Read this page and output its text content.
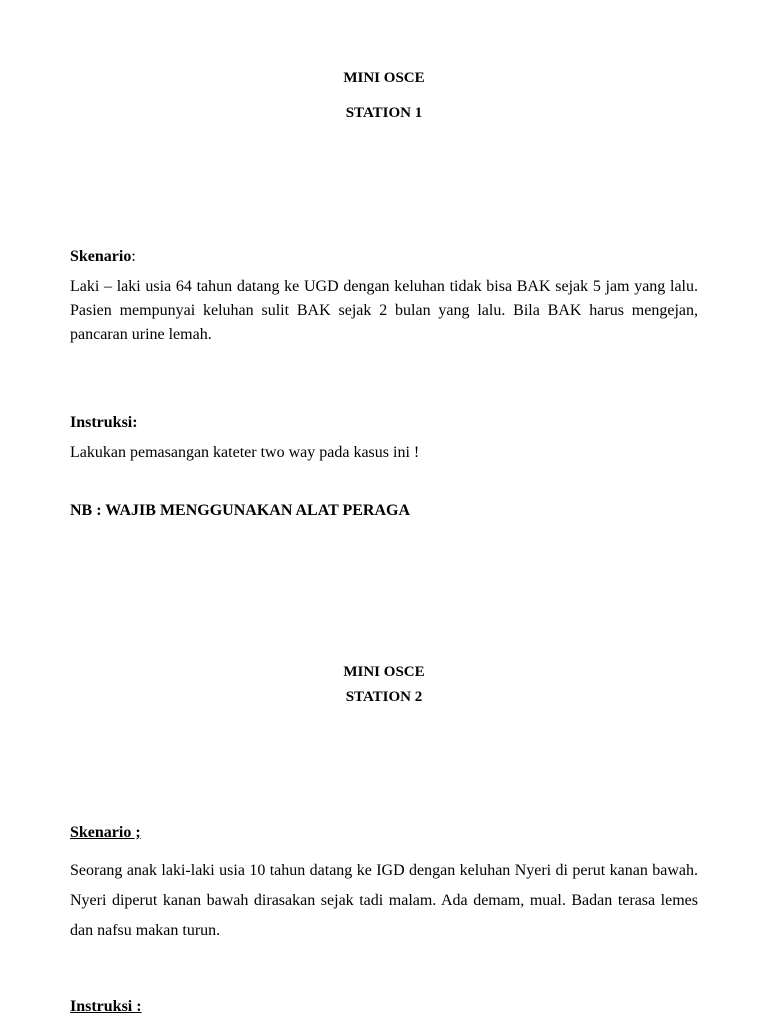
MINI OSCE
STATION 1
Skenario:
Laki – laki usia 64 tahun datang ke UGD dengan keluhan tidak bisa BAK sejak 5 jam yang lalu. Pasien mempunyai keluhan sulit BAK sejak 2 bulan yang lalu. Bila BAK harus mengejan, pancaran urine lemah.
Instruksi:
Lakukan pemasangan kateter two way pada kasus ini !
NB : WAJIB MENGGUNAKAN ALAT PERAGA
MINI OSCE
STATION 2
Skenario ;
Seorang anak laki-laki usia 10 tahun datang ke IGD dengan keluhan Nyeri di perut kanan bawah. Nyeri diperut kanan bawah dirasakan sejak tadi malam. Ada demam, mual. Badan terasa lemes dan nafsu makan turun.
Instruksi :
